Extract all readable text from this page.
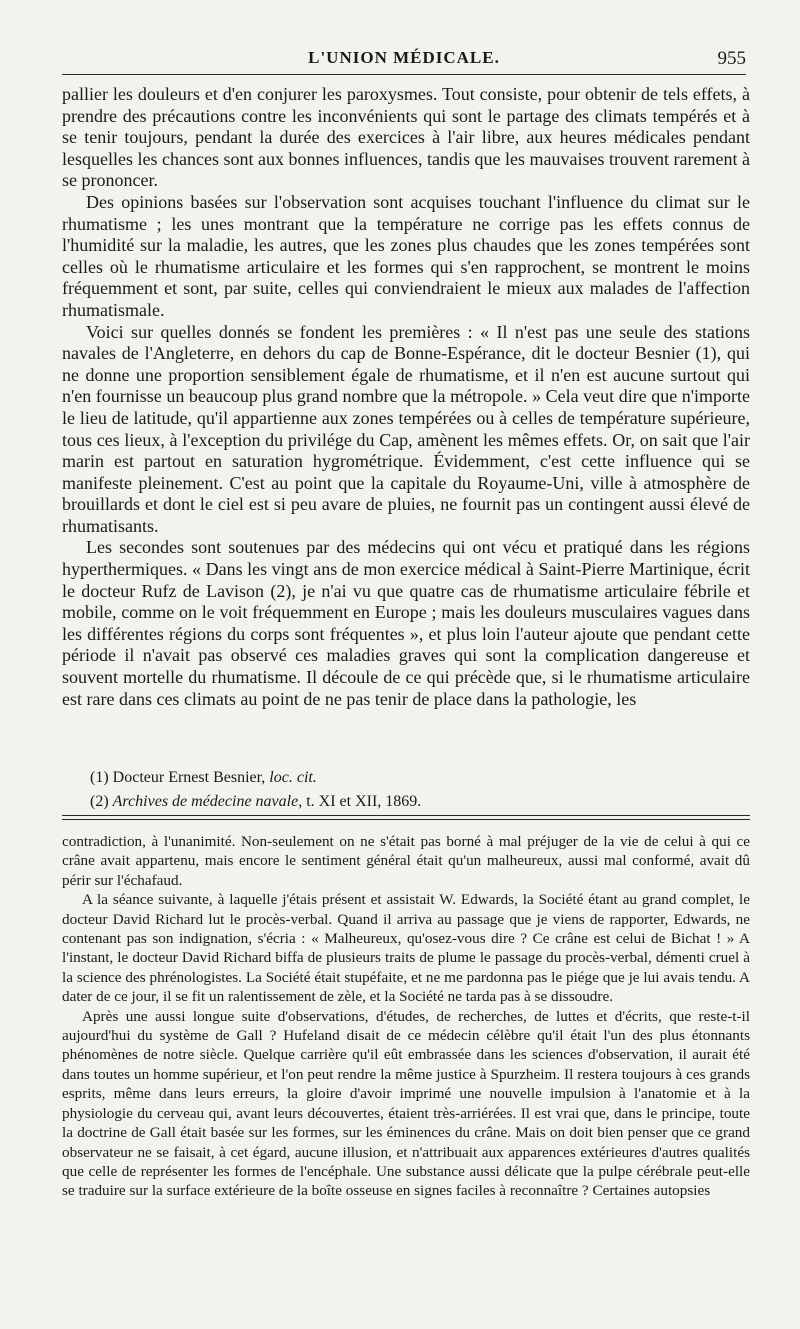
L'UNION MÉDICALE.	955

pallier les douleurs et d'en conjurer les paroxysmes. Tout consiste, pour obtenir de tels effets, à prendre des précautions contre les inconvénients qui sont le partage des climats tempérés et à se tenir toujours, pendant la durée des exercices à l'air libre, aux heures médicales pendant lesquelles les chances sont aux bonnes influences, tandis que les mauvaises trouvent rarement à se prononcer.

Des opinions basées sur l'observation sont acquises touchant l'influence du climat sur le rhumatisme ; les unes montrant que la température ne corrige pas les effets connus de l'humidité sur la maladie, les autres, que les zones plus chaudes que les zones tempérées sont celles où le rhumatisme articulaire et les formes qui s'en rapprochent, se montrent le moins fréquemment et sont, par suite, celles qui conviendraient le mieux aux malades de l'affection rhumatismale.

Voici sur quelles donnés se fondent les premières : « Il n'est pas une seule des stations navales de l'Angleterre, en dehors du cap de Bonne-Espérance, dit le docteur Besnier (1), qui ne donne une proportion sensiblement égale de rhumatisme, et il n'en est aucune surtout qui n'en fournisse un beaucoup plus grand nombre que la métropole. » Cela veut dire que n'importe le lieu de latitude, qu'il appartienne aux zones tempérées ou à celles de température supérieure, tous ces lieux, à l'exception du privilége du Cap, amènent les mêmes effets. Or, on sait que l'air marin est partout en saturation hygrométrique. Évidemment, c'est cette influence qui se manifeste pleinement. C'est au point que la capitale du Royaume-Uni, ville à atmosphère de brouillards et dont le ciel est si peu avare de pluies, ne fournit pas un contingent aussi élevé de rhumatisants.

Les secondes sont soutenues par des médecins qui ont vécu et pratiqué dans les régions hyperthermiques. « Dans les vingt ans de mon exercice médical à Saint-Pierre Martinique, écrit le docteur Rufz de Lavison (2), je n'ai vu que quatre cas de rhumatisme articulaire fébrile et mobile, comme on le voit fréquemment en Europe ; mais les douleurs musculaires vagues dans les différentes régions du corps sont fréquentes », et plus loin l'auteur ajoute que pendant cette période il n'avait pas observé ces maladies graves qui sont la complication dangereuse et souvent mortelle du rhumatisme. Il découle de ce qui précède que, si le rhumatisme articulaire est rare dans ces climats au point de ne pas tenir de place dans la pathologie, les

(1) Docteur Ernest Besnier, loc. cit.
(2) Archives de médecine navale, t. XI et XII, 1869.

contradiction, à l'unanimité. Non-seulement on ne s'était pas borné à mal préjuger de la vie de celui à qui ce crâne avait appartenu, mais encore le sentiment général était qu'un malheureux, aussi mal conformé, avait dû périr sur l'échafaud.

A la séance suivante, à laquelle j'étais présent et assistait W. Edwards, la Société étant au grand complet, le docteur David Richard lut le procès-verbal. Quand il arriva au passage que je viens de rapporter, Edwards, ne contenant pas son indignation, s'écria : « Malheureux, qu'osez-vous dire ? Ce crâne est celui de Bichat ! » A l'instant, le docteur David Richard biffa de plusieurs traits de plume le passage du procès-verbal, démenti cruel à la science des phrénologistes. La Société était stupéfaite, et ne me pardonna pas le piége que je lui avais tendu. A dater de ce jour, il se fit un ralentissement de zèle, et la Société ne tarda pas à se dissoudre.

Après une aussi longue suite d'observations, d'études, de recherches, de luttes et d'écrits, que reste-t-il aujourd'hui du système de Gall ? Hufeland disait de ce médecin célèbre qu'il était l'un des plus étonnants phénomènes de notre siècle. Quelque carrière qu'il eût embrassée dans les sciences d'observation, il aurait été dans toutes un homme supérieur, et l'on peut rendre la même justice à Spurzheim. Il restera toujours à ces grands esprits, même dans leurs erreurs, la gloire d'avoir imprimé une nouvelle impulsion à l'anatomie et à la physiologie du cerveau qui, avant leurs découvertes, étaient très-arriérées. Il est vrai que, dans le principe, toute la doctrine de Gall était basée sur les formes, sur les éminences du crâne. Mais on doit bien penser que ce grand observateur ne se faisait, à cet égard, aucune illusion, et n'attribuait aux apparences extérieures d'autres qualités que celle de représenter les formes de l'encéphale. Une substance aussi délicate que la pulpe cérébrale peut-elle se traduire sur la surface extérieure de la boîte osseuse en signes faciles à reconnaître ? Certaines autopsies
